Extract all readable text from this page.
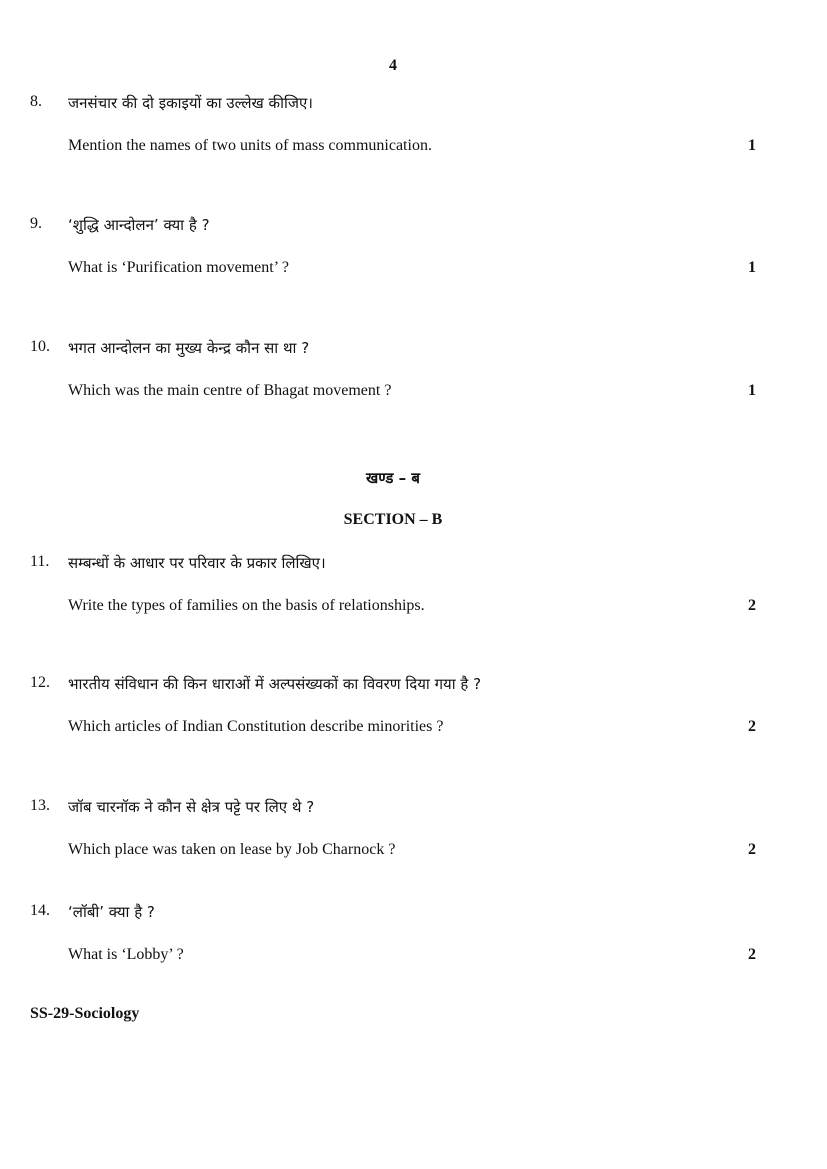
4
8. जनसंचार की दो इकाइयों का उल्लेख कीजिए।
Mention the names of two units of mass communication.	1
9. ‘शुद्धि आन्दोलन’ क्या है ?
What is ‘Purification movement’ ?	1
10. भगत आन्दोलन का मुख्य केन्द्र कौन सा था ?
Which was the main centre of Bhagat movement ?	1
खण्ड – ब
SECTION – B
11. सम्बन्धों के आधार पर परिवार के प्रकार लिखिए।
Write the types of families on the basis of relationships.	2
12. भारतीय संविधान की किन धाराओं में अल्पसंख्यकों का विवरण दिया गया है ?
Which articles of Indian Constitution describe minorities ?	2
13. जॉब चारनॉक ने कौन से क्षेत्र पट्टे पर लिए थे ?
Which place was taken on lease by Job Charnock ?	2
14. ‘लॉबी’ क्या है ?
What is ‘Lobby’ ?	2
SS-29-Sociology
